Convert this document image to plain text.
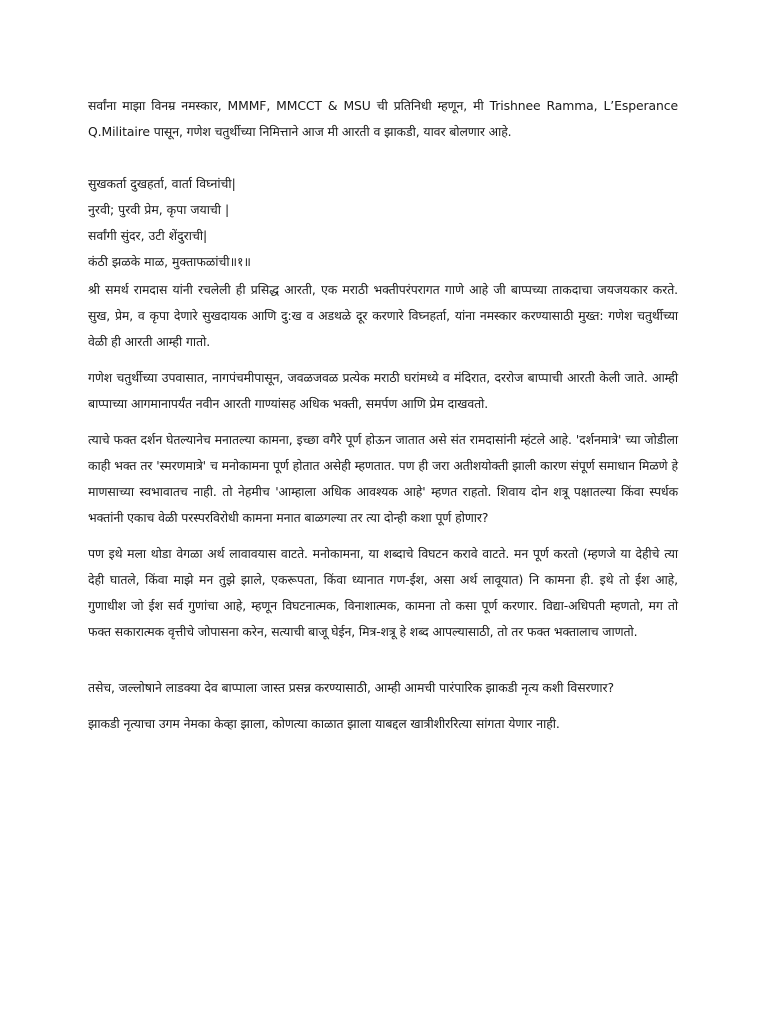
सर्वांना माझा विनम्र नमस्कार, MMMF, MMCCT & MSU ची प्रतिनिधी म्हणून, मी Trishnee Ramma, L’Esperance Q.Militaire पासून, गणेश चतुर्थीच्या निमित्ताने आज मी आरती व झाकडी, यावर बोलणार आहे.

सुखकर्ता दुखहर्ता, वार्ता विघ्नांची|
नुरवी; पुरवी प्रेम, कृपा जयाची |
सर्वांगी सुंदर, उटी शेंदुराची|
कंठी झळके माळ, मुक्ताफळांची॥१॥

श्री समर्थ रामदास यांनी रचलेली ही प्रसिद्ध आरती, एक मराठी भक्तीपरंपरागत गाणे आहे जी बाप्पच्या ताकदाचा जयजयकार करते. सुख, प्रेम, व कृपा देणारे सुखदायक आणि दु:ख व अडथळे दूर करणारे विघ्नहर्ता, यांना नमस्कार करण्यासाठी मुख्त: गणेश चतुर्थीच्या वेळी ही आरती आम्ही गातो.

गणेश चतुर्थीच्या उपवासात, नागपंचमीपासून, जवळजवळ प्रत्येक मराठी घरांमध्ये व मंदिरात, दररोज बाप्पाची आरती केली जाते. आम्ही बाप्पाच्या आगमानापर्यंत नवीन आरती गाण्यांसह अधिक भक्ती, समर्पण आणि प्रेम दाखवतो.

त्याचे फक्त दर्शन घेतल्यानेच मनातल्या कामना, इच्छा वगैरे पूर्ण होऊन जातात असे संत रामदासांनी म्हंटले आहे. 'दर्शनमात्रे' च्या जोडीला काही भक्त तर 'स्मरणमात्रे' च मनोकामना पूर्ण होतात असेही म्हणतात. पण ही जरा अतीशयोक्ती झाली कारण संपूर्ण समाधान मिळणे हे माणसाच्या स्वभावातच नाही. तो नेहमीच 'आम्हाला अधिक आवश्यक आहे' म्हणत राहतो. शिवाय दोन शत्रू पक्षातल्या किंवा स्पर्धक भक्तांनी एकाच वेळी परस्परविरोधी कामना मनात बाळगल्या तर त्या दोन्ही कशा पूर्ण होणार?

पण इथे मला थोडा वेगळा अर्थ लावावयास वाटते. मनोकामना, या शब्दाचे विघटन करावे वाटते. मन पूर्ण करतो (म्हणजे या देहीचे त्या देही घातले, किंवा माझे मन तुझे झाले, एकरूपता, किंवा ध्यानात गण-ईश, असा अर्थ लावूयात) नि कामना ही. इथे तो ईश आहे, गुणाधीश जो ईश सर्व गुणांचा आहे, म्हणून विघटनात्मक, विनाशात्मक, कामना तो कसा पूर्ण करणार. विद्या-अधिपती म्हणतो, मग तो फक्त सकारात्मक वृत्तीचे जोपासना करेन, सत्याची बाजू घेईन, मित्र-शत्रू हे शब्द आपल्यासाठी, तो तर फक्त भक्तालाच जाणतो.

तसेच, जल्लोषाने लाडक्या देव बाप्पाला जास्त प्रसन्न करण्यासाठी, आम्ही आमची पारंपारिक झाकडी नृत्य कशी विसरणार?

झाकडी नृत्याचा उगम नेमका केव्हा झाला, कोणत्या काळात झाला याबद्दल खात्रीशीररित्या सांगता येणार नाही.
